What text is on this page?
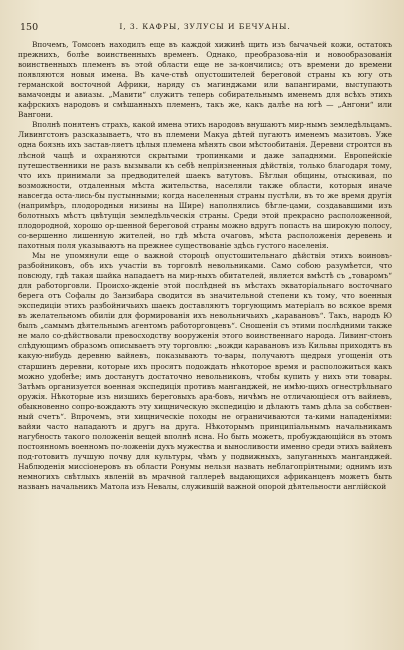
150	I, 3. КАФРЫ, ЗУЛУСЫ И БЕЧУАНЫ.

Впочемъ, Томсонъ находилъ еще въ каждой хижинѣ щить изъ бычачьей кожи, остатокъ прежнихъ, болѣе воинственныхъ временъ. Однако, преобразова-нія и новообразованія воинственныхъ племенъ въ этой области еще не за-кончились; отъ времени до времени появляются новыя имена. Въ каче-ствѣ опустошителей береговой страны къ югу отъ германской восточной Африки, наряду съ магинджами или вапангирами, выступаютъ вамачонды и авиазы. „Мавити“ служитъ теперь собирательнымъ именемъ для всѣхъ этихъ кафрскихъ народовъ и смѣшанныхъ племенъ, такъ же, какъ далѣе на югѣ — „Ангони“ или Вангони.

Вполнѣ понятенъ страхъ, какой имена этихъ народовъ внушаютъ мир-нымъ земледѣльцамъ. Ливингстонъ разсказываетъ, что въ племени Макуа дѣтей пугаютъ именемъ мазитовъ. Уже одна боязнь ихъ застав-ляетъ цѣлыя племена мѣнять свои мѣстообитанія. Деревни строятся въ лѣсной чащѣ и охраняются скрытыми тропинками и даже западнями. Европейскіе путешественники не разъ вызывали къ себѣ непріязненныя дѣйствія, только благодаря тому, что ихъ принимали за предводителей шаекъ ватутовъ. Бѣглыя общины, отыскивая, по возможности, отдаленныя мѣста жительства, населяли также области, которыя иначе навсегда оста-лись-бы пустынными; когда населенныя страны пустѣли, въ то же время другія (напримѣръ, плодородныя низины на Шире) наполнялись бѣгле-цами, создававшими изъ болотныхъ мѣстъ цвѣтущія земледѣльческія страны. Среди этой прекрасно расположенной, плодородной, хорошо ор-шенной береговой страны можно вдругъ попасть на широкую полосу, со-вершенно лишенную жителей, но гдѣ мѣста очаговъ, мѣста расположенія деревень и пахотныя поля указываютъ на прежнее существованіе здѣсь густого населенія.

Мы не упомянули еще о важной стороцѣ опустошительнаго дѣйствія этихъ воиновъ-разбойниковъ, объ ихъ участіи въ торговлѣ невольниками. Само собою разумѣется, что повсюду, гдѣ такая шайка нападаетъ на мир-ныхъ обитателей, является вмѣстѣ съ „товаромъ“ для работорговли. Происхо-жденіе этой послѣдней въ мѣстахъ экваторіальнаго восточнаго берега отъ Софалы до Занзибара сводится въ значительной степени къ тому, что военныя экспедиціи этихъ разбойничьихъ шаекъ доставляютъ торгующимъ матеріалъ во всякое время въ желательномъ обиліи для формированія ихъ невольничьихъ „каравановъ“. Такъ, народъ Ю былъ „самымъ дѣятельнымъ агентомъ работорговцевъ“. Сношенія съ этими послѣдними также не мало со-дѣйствовали превосходству вооруженія этого воинственнаго народа. Ливинг-стонъ слѣдующимъ образомъ описываетъ эту торговлю: „вожди каравановъ изъ Кильвы приходятъ въ какую-нибудь деревню вайяевъ, показываютъ то-вары, получаютъ щедрыя угощенія отъ старшинъ деревни, которые ихъ просятъ подождать нѣкоторое время и расположиться какъ можно удобнѣе; имъ достанутъ достаточно невольниковъ, чтобы купить у нихъ эти товары. Затѣмъ организуется военная экспедиція противъ манганджей, не имѣю-щихъ огнестрѣльнаго оружія. Нѣкоторые изъ низшихъ береговыхъ ара-бовъ, ничѣмъ не отличающіеся отъ вайяевъ, обыкновенно сопро-вождаютъ эту хищническую экспедицію и дѣлаютъ тамъ дѣла за собствен-ный счетъ“. Впрочемъ, эти хищническіе походы не ограничиваются та-кими нападеніями: вайяи часто нападаютъ и другъ на друга. Нѣкоторымъ принципіальнымъ начальникамъ нагубность такого положенія вещей вполнѣ ясна. Но быть можетъ, пробуждающійся въ этомъ постоянномъ военномъ по-ложеніи духъ мужества и выносливости именно среди этихъ вайяевъ под-готовитъ лучшую почву для культуры, чѣмъ у подвижныхъ, запуганныхъ манганджей. Наблюденія миссіонеровъ въ области Ронумы нельзя назвать неблагопріятными; однимъ изъ немногихъ свѣтлыхъ явленій въ мрачной галлереѣ выдающихся африканцевъ можетъ быть названъ начальникъ Матола изъ Невалы, служившій важной опорой дѣятельности англійской
